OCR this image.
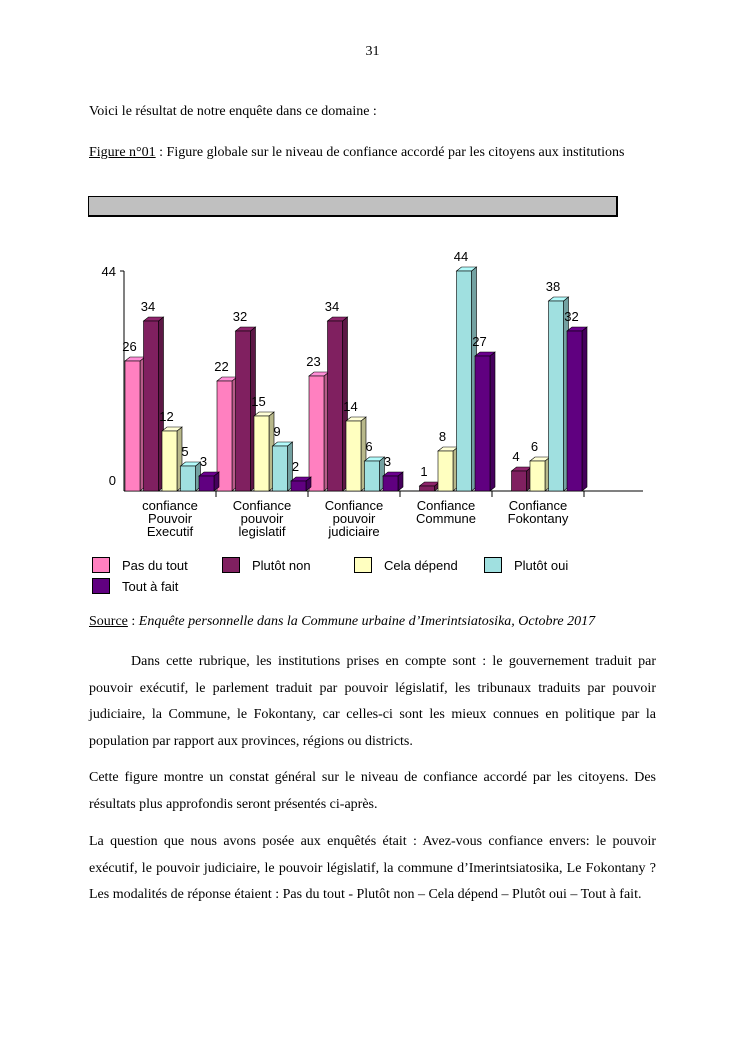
31
Voici le résultat de notre enquête dans ce domaine :
Figure n°01 : Figure globale sur le niveau de confiance accordé par les citoyens aux institutions
0
44
26
22	23
34
32
34
1
4
12
15	14
8
6
5
9
6
44
38
3	2	3
27
32
confiance
Pouvoir
Executif
Confiance
pouvoir
legislatif
Confiance
pouvoir
judiciaire
Confiance
Commune
Confiance
Fokontany
Pas du tout	Plutôt non	Cela dépend	Plutôt oui
Tout à fait
Source : Enquête personnelle dans la Commune urbaine d’Imerintsiatosika, Octobre 2017

Dans cette rubrique, les institutions prises en compte sont : le gouvernement traduit par pouvoir exécutif, le parlement traduit par pouvoir législatif, les tribunaux traduits par pouvoir judiciaire, la Commune, le Fokontany, car celles-ci sont les mieux connues en politique par la population par rapport aux provinces, régions ou districts.

Cette figure montre un constat général sur le niveau de confiance accordé par les citoyens. Des résultats plus approfondis seront présentés ci-après.

La question que nous avons posée aux enquêtés était : Avez-vous confiance envers: le pouvoir exécutif, le pouvoir judiciaire, le pouvoir législatif, la commune d’Imerintsiatosika, Le Fokontany ? Les modalités de réponse étaient : Pas du tout - Plutôt non – Cela dépend – Plutôt oui – Tout à fait.
